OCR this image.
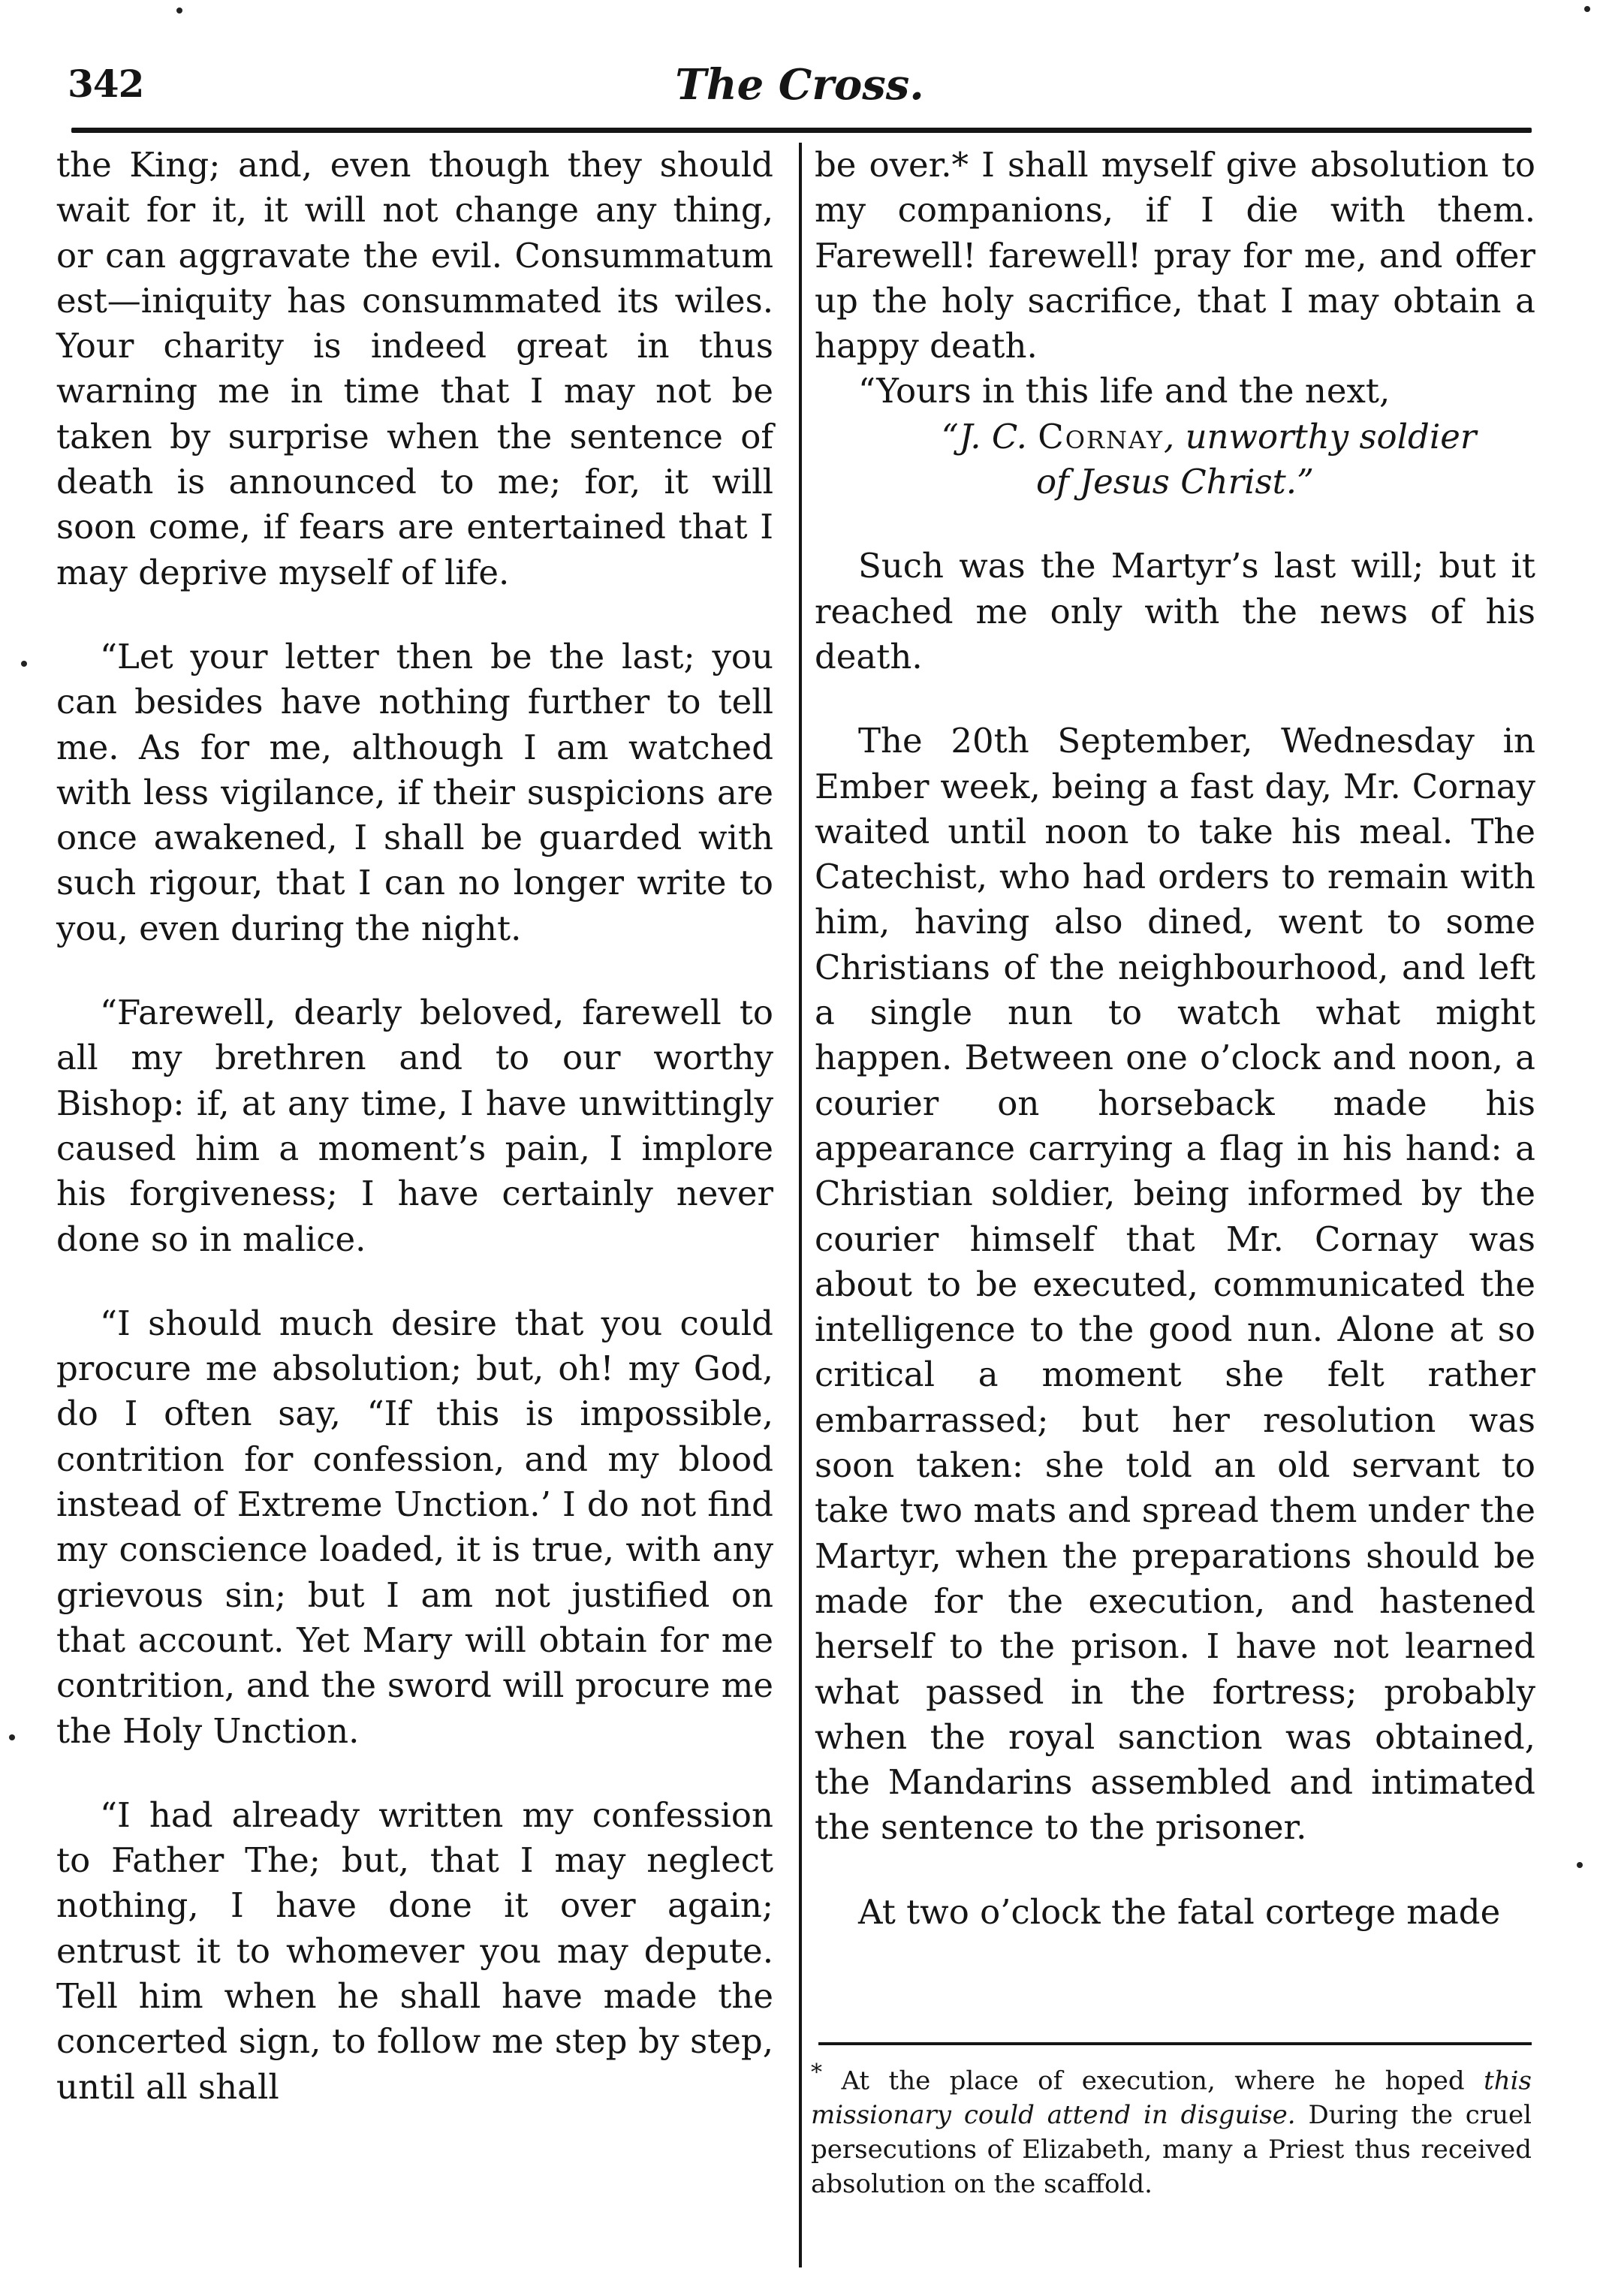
342	The Cross.

the King; and, even though they should wait for it, it will not change any thing, or can aggravate the evil. Consummatum est—iniquity has consummated its wiles. Your charity is indeed great in thus warning me in time that I may not be taken by surprise when the sentence of death is announced to me; for, it will soon come, if fears are entertained that I may deprive myself of life.

“Let your letter then be the last; you can besides have nothing further to tell me. As for me, although I am watched with less vigilance, if their suspicions are once awakened, I shall be guarded with such rigour, that I can no longer write to you, even during the night.

“Farewell, dearly beloved, farewell to all my brethren and to our worthy Bishop: if, at any time, I have unwittingly caused him a moment’s pain, I implore his forgiveness; I have certainly never done so in malice.

“I should much desire that you could procure me absolution; but, oh! my God, do I often say, “If this is impossible, contrition for confession, and my blood instead of Extreme Unction.’ I do not find my conscience loaded, it is true, with any grievous sin; but I am not justified on that account. Yet Mary will obtain for me contrition, and the sword will procure me the Holy Unction.

“I had already written my confession to Father The; but, that I may neglect nothing, I have done it over again; entrust it to whomever you may depute. Tell him when he shall have made the concerted sign, to follow me step by step, until all shall

be over.* I shall myself give absolution to my companions, if I die with them. Farewell! farewell! pray for me, and offer up the holy sacrifice, that I may obtain a happy death.

“Yours in this life and the next,

“J. C. Cornay, unworthy soldier

of Jesus Christ.”

Such was the Martyr’s last will; but it reached me only with the news of his death.

The 20th September, Wednesday in Ember week, being a fast day, Mr. Cornay waited until noon to take his meal. The Catechist, who had orders to remain with him, having also dined, went to some Christians of the neighbourhood, and left a single nun to watch what might happen. Between one o’clock and noon, a courier on horseback made his appearance carrying a flag in his hand: a Christian soldier, being informed by the courier himself that Mr. Cornay was about to be executed, communicated the intelligence to the good nun. Alone at so critical a moment she felt rather embarrassed; but her resolution was soon taken: she told an old servant to take two mats and spread them under the Martyr, when the preparations should be made for the execution, and hastened herself to the prison. I have not learned what passed in the fortress; probably when the royal sanction was obtained, the Mandarins assembled and intimated the sentence to the prisoner.

At two o’clock the fatal cortege made

* At the place of execution, where he hoped this missionary could attend in disguise. During the cruel persecutions of Elizabeth, many a Priest thus received absolution on the scaffold.
